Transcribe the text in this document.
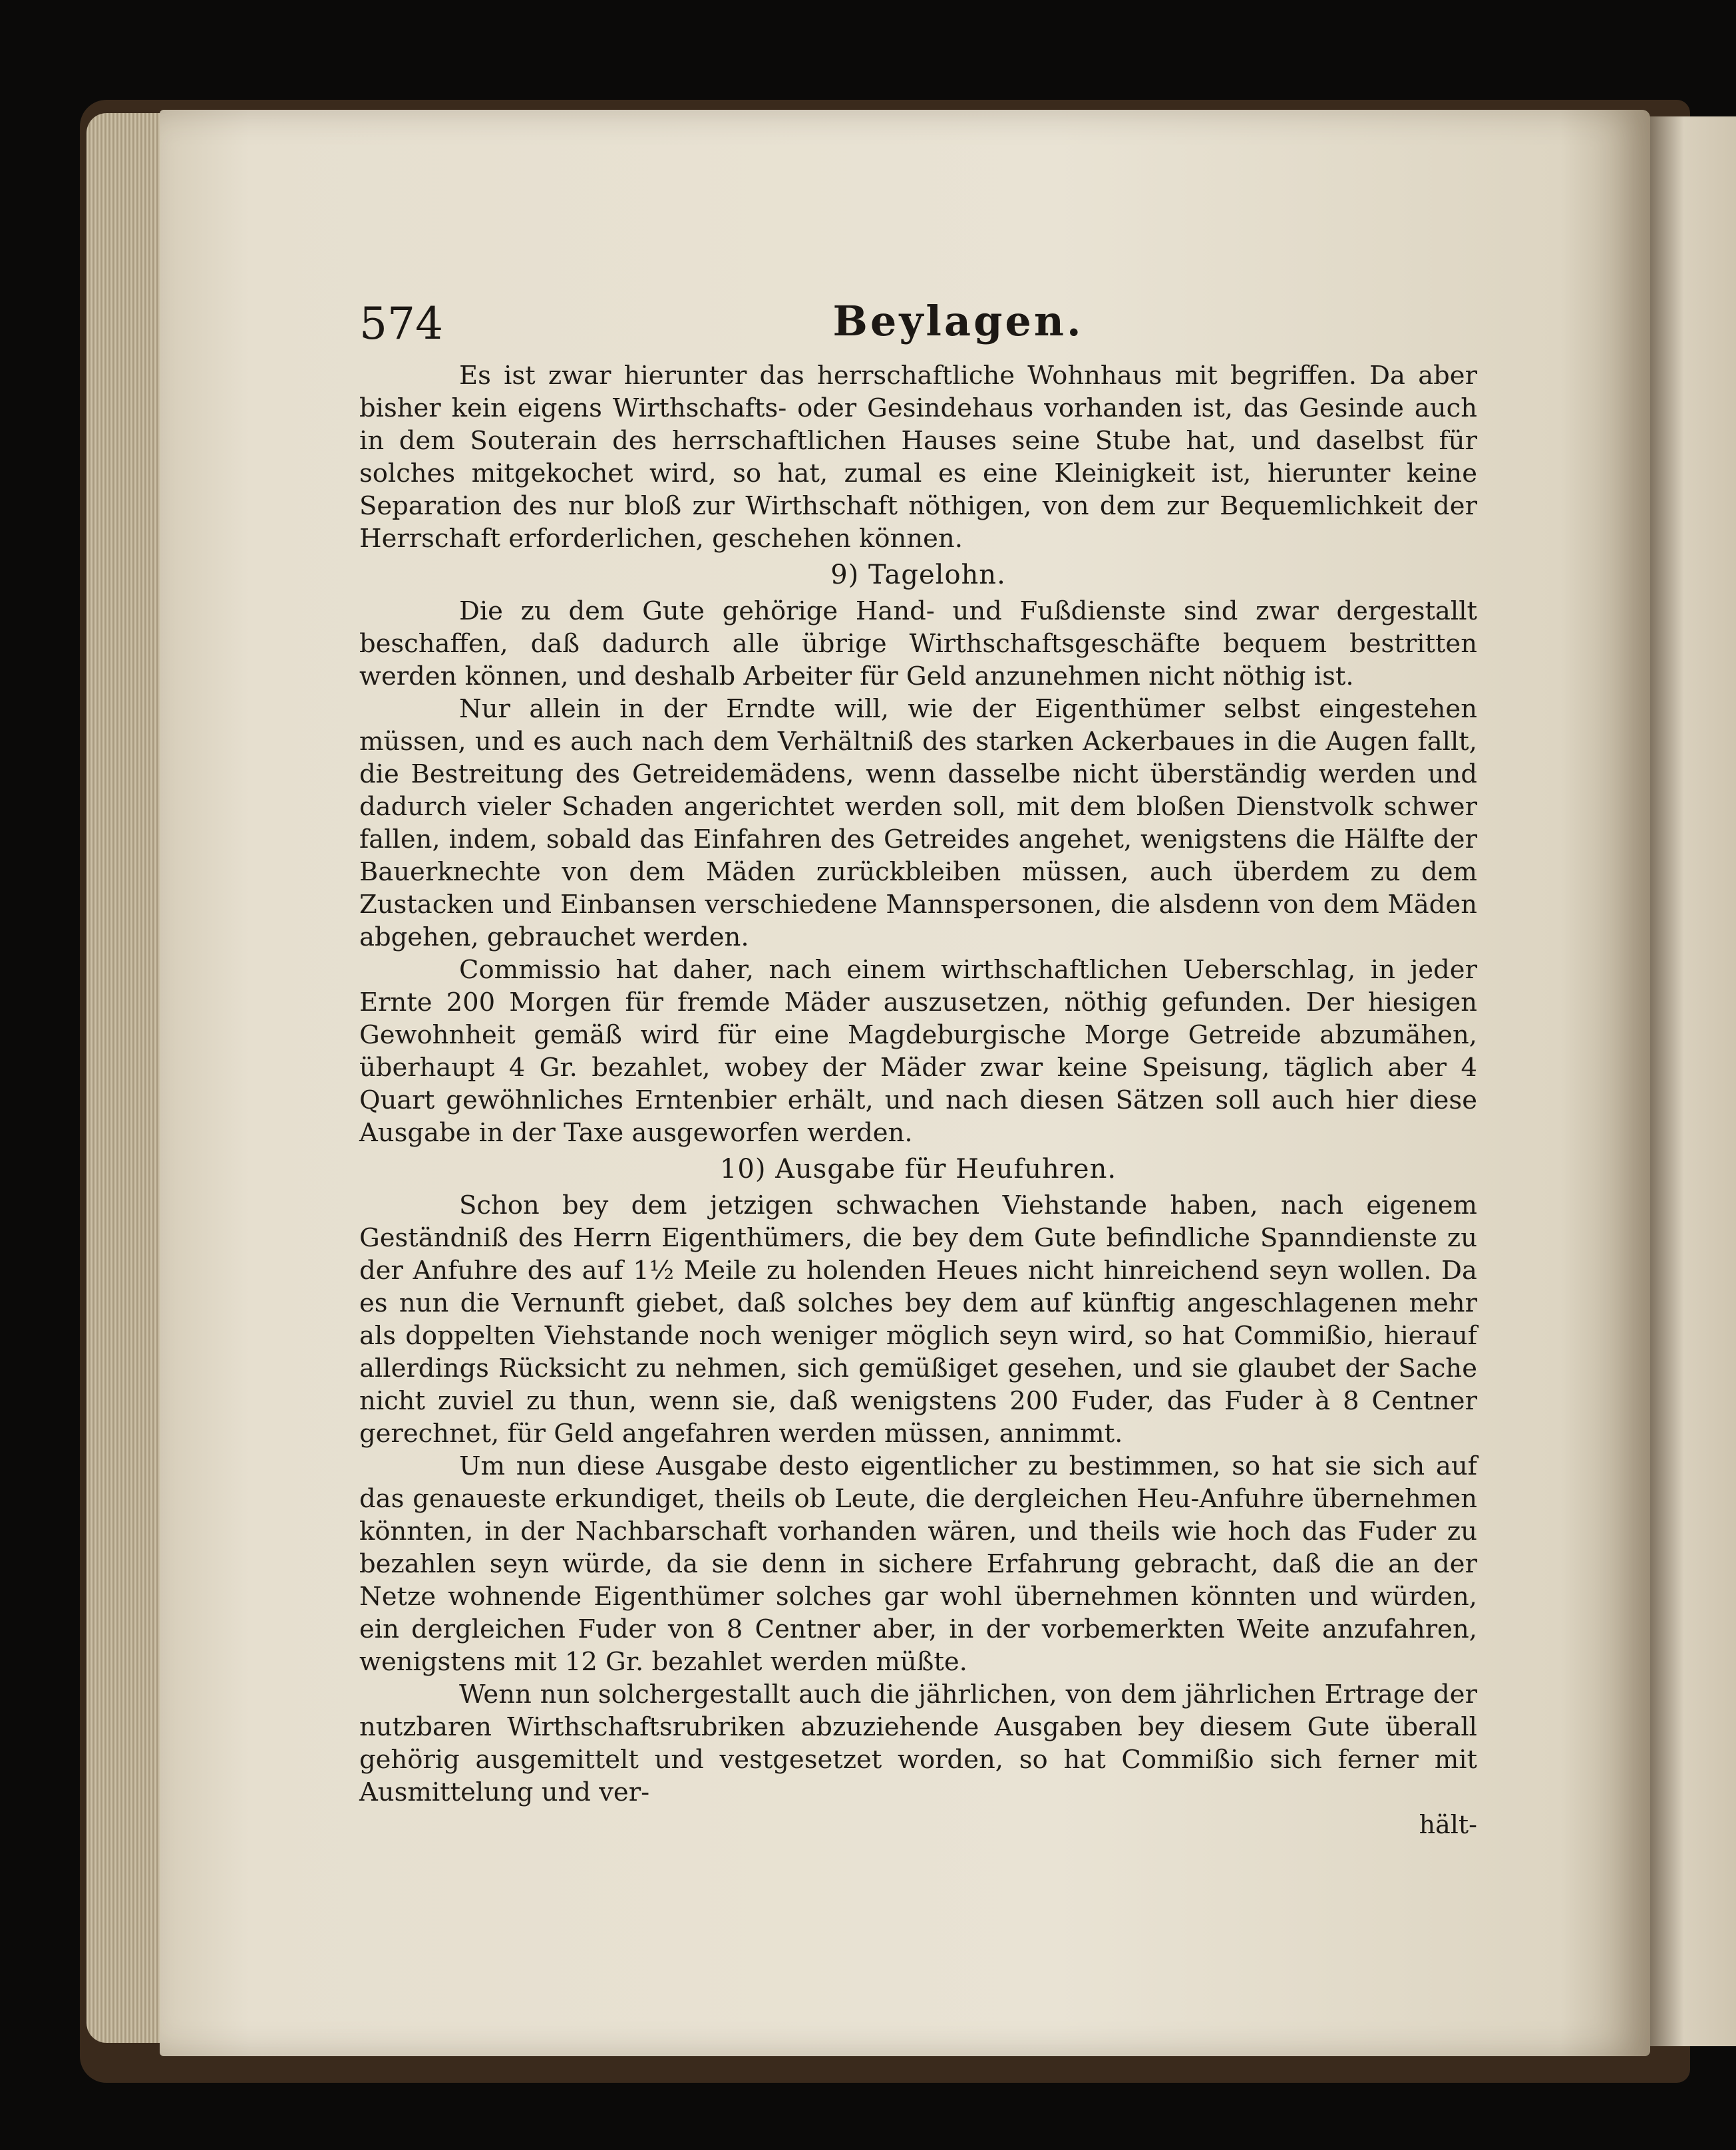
574	Beylagen.

Es ist zwar hierunter das herrschaftliche Wohnhaus mit begriffen. Da aber bisher kein eigens Wirthschafts- oder Gesindehaus vorhanden ist, das Gesinde auch in dem Souterain des herrschaftlichen Hauses seine Stube hat, und daselbst für solches mitgekochet wird, so hat, zumal es eine Kleinigkeit ist, hierunter keine Separation des nur bloß zur Wirthschaft nöthigen, von dem zur Bequemlichkeit der Herrschaft erforderlichen, geschehen können.

9) Tagelohn.

Die zu dem Gute gehörige Hand- und Fußdienste sind zwar dergestallt beschaffen, daß dadurch alle übrige Wirthschaftsgeschäfte bequem bestritten werden können, und deshalb Arbeiter für Geld anzunehmen nicht nöthig ist.

Nur allein in der Erndte will, wie der Eigenthümer selbst eingestehen müssen, und es auch nach dem Verhältniß des starken Ackerbaues in die Augen fallt, die Bestreitung des Getreidemädens, wenn dasselbe nicht überständig werden und dadurch vieler Schaden angerichtet werden soll, mit dem bloßen Dienstvolk schwer fallen, indem, sobald das Einfahren des Getreides angehet, wenigstens die Hälfte der Bauerknechte von dem Mäden zurückbleiben müssen, auch überdem zu dem Zustacken und Einbansen verschiedene Mannspersonen, die alsdenn von dem Mäden abgehen, gebrauchet werden.

Commissio hat daher, nach einem wirthschaftlichen Ueberschlag, in jeder Ernte 200 Morgen für fremde Mäder auszusetzen, nöthig gefunden. Der hiesigen Gewohnheit gemäß wird für eine Magdeburgische Morge Getreide abzumähen, überhaupt 4 Gr. bezahlet, wobey der Mäder zwar keine Speisung, täglich aber 4 Quart gewöhnliches Erntenbier erhält, und nach diesen Sätzen soll auch hier diese Ausgabe in der Taxe ausgeworfen werden.

10) Ausgabe für Heufuhren.

Schon bey dem jetzigen schwachen Viehstande haben, nach eigenem Geständniß des Herrn Eigenthümers, die bey dem Gute befindliche Spanndienste zu der Anfuhre des auf 1½ Meile zu holenden Heues nicht hinreichend seyn wollen. Da es nun die Vernunft giebet, daß solches bey dem auf künftig angeschlagenen mehr als doppelten Viehstande noch weniger möglich seyn wird, so hat Commißio, hierauf allerdings Rücksicht zu nehmen, sich gemüßiget gesehen, und sie glaubet der Sache nicht zuviel zu thun, wenn sie, daß wenigstens 200 Fuder, das Fuder à 8 Centner gerechnet, für Geld angefahren werden müssen, annimmt.

Um nun diese Ausgabe desto eigentlicher zu bestimmen, so hat sie sich auf das genaueste erkundiget, theils ob Leute, die dergleichen Heu-Anfuhre übernehmen könnten, in der Nachbarschaft vorhanden wären, und theils wie hoch das Fuder zu bezahlen seyn würde, da sie denn in sichere Erfahrung gebracht, daß die an der Netze wohnende Eigenthümer solches gar wohl übernehmen könnten und würden, ein dergleichen Fuder von 8 Centner aber, in der vorbemerkten Weite anzufahren, wenigstens mit 12 Gr. bezahlet werden müßte.

Wenn nun solchergestallt auch die jährlichen, von dem jährlichen Ertrage der nutzbaren Wirthschaftsrubriken abzuziehende Ausgaben bey diesem Gute überall gehörig ausgemittelt und vestgesetzet worden, so hat Commißio sich ferner mit Ausmittelung und ver-

hält-
